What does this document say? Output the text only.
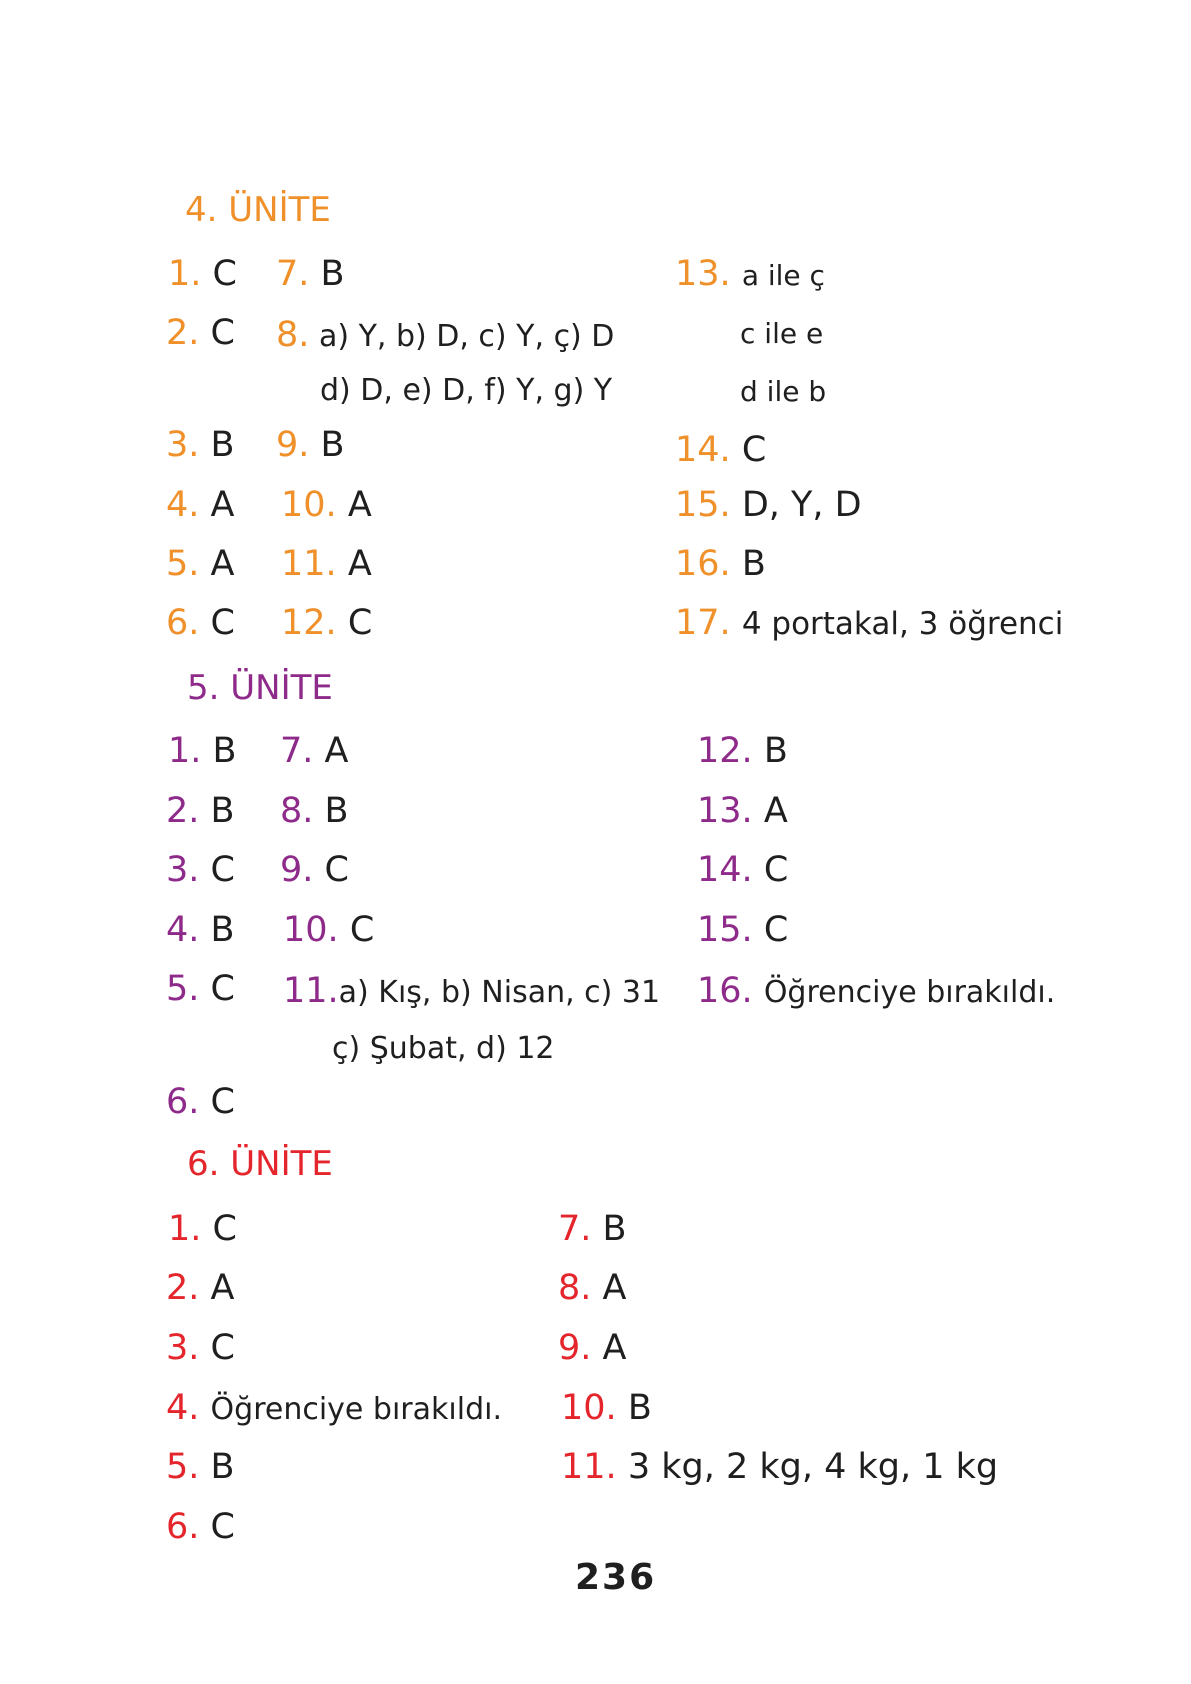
4. ÜNİTE
1. C
2. C
3. B
4. A
5. A
6. C
7. B
8. a) Y, b) D, c) Y, ç) D
d) D, e) D, f) Y, g) Y
9. B
10. A
11. A
12. C
13. a ile ç
c ile e
d ile b
14. C
15. D, Y, D
16. B
17. 4 portakal, 3 öğrenci
5. ÜNİTE
1. B
2. B
3. C
4. B
5. C
6. C
7. A
8. B
9. C
10. C
11.a) Kış, b) Nisan, c) 31
ç) Şubat, d) 12
12. B
13. A
14. C
15. C
16. Öğrenciye bırakıldı.
6. ÜNİTE
1. C
2. A
3. C
4. Öğrenciye bırakıldı.
5. B
6. C
7. B
8. A
9. A
10. B
11. 3 kg, 2 kg, 4 kg, 1 kg
236
